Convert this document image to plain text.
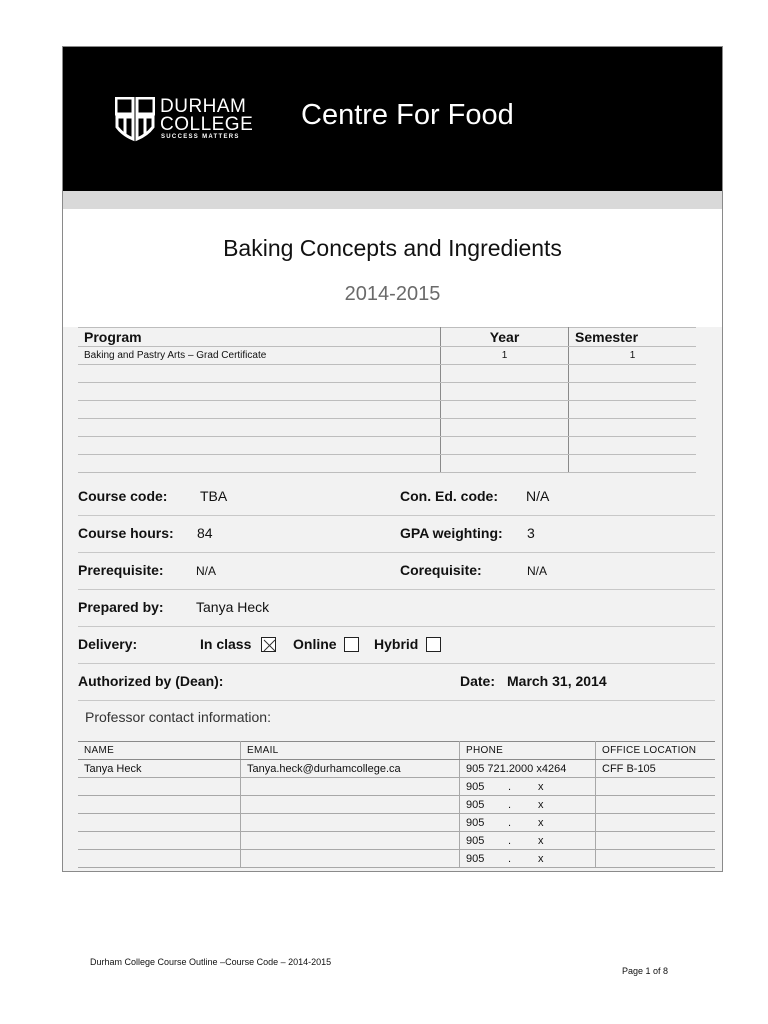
DURHAM
COLLEGE
SUCCESS MATTERS
Centre For Food
Baking Concepts and Ingredients
2014-2015
Program	Year	Semester
Baking and Pastry Arts – Grad Certificate	1	1

Course code: TBA	Con. Ed. code: N/A
Course hours: 84	GPA weighting: 3
Prerequisite:	N/A	Corequisite:	N/A
Prepared by: Tanya Heck
Delivery:	In class	Online	Hybrid
Authorized by (Dean):	Date: March 31, 2014
Professor contact information:
NAME	EMAIL	PHONE	OFFICE LOCATION
Tanya Heck	Tanya.heck@durhamcollege.ca	905 721.2000 x4264	CFF B-105
		905 . x	
		905 . x	
		905 . x	
		905 . x	
		905 . x	
Durham College Course Outline –Course Code – 2014-2015
Page 1 of 8
